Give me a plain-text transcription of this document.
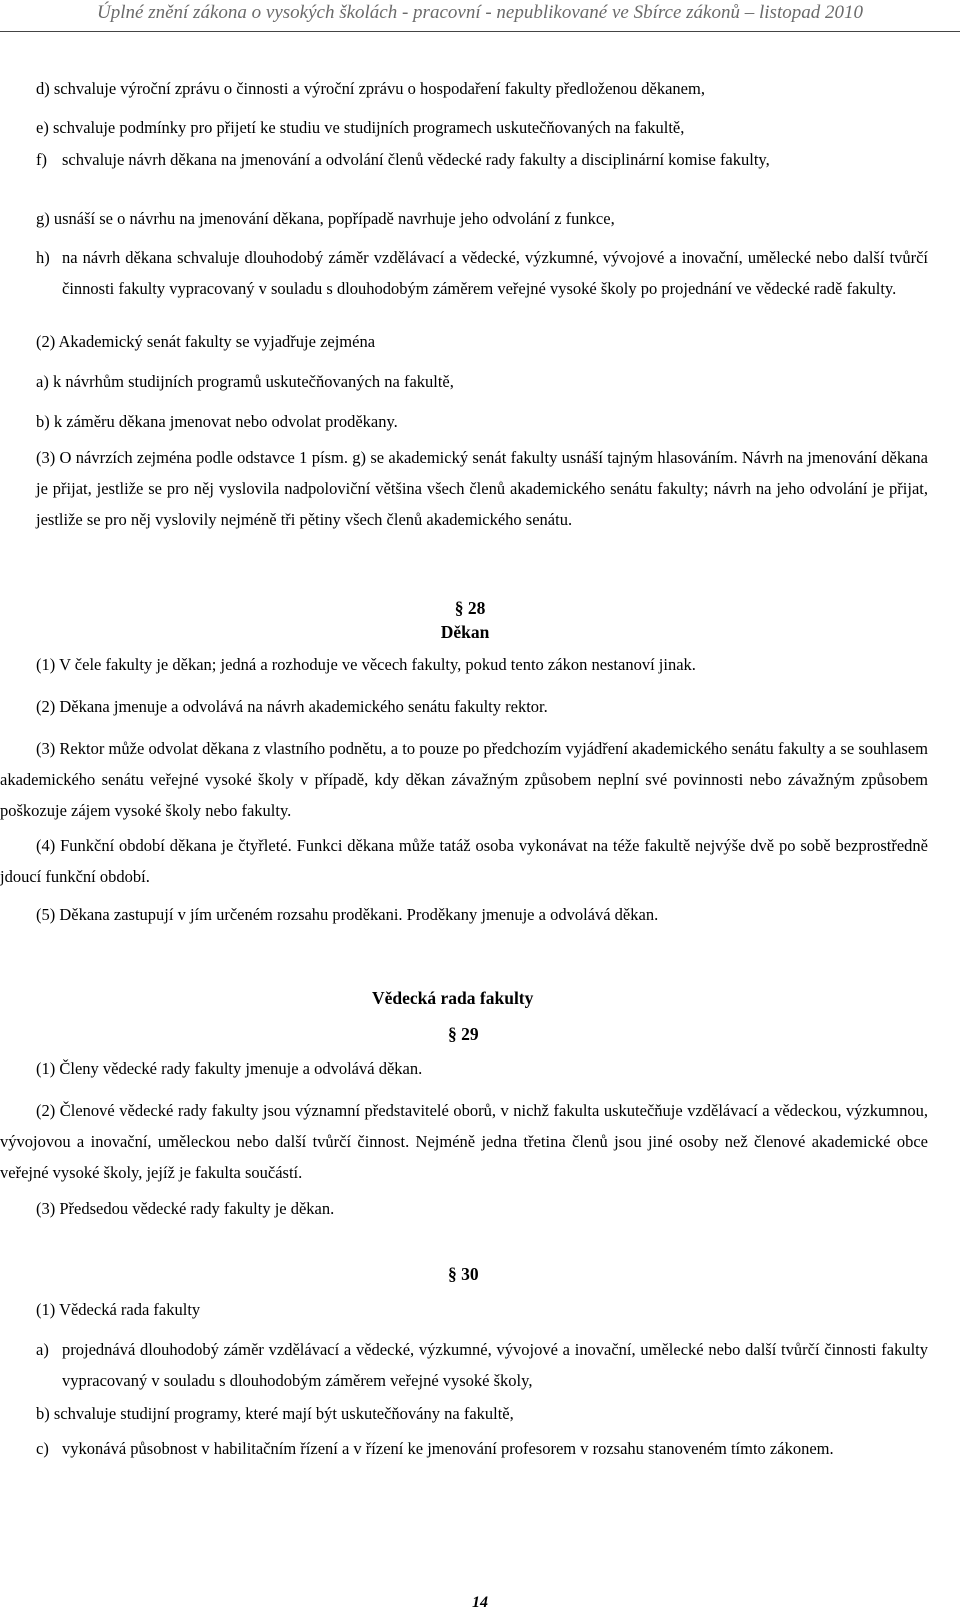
Úplné znění zákona o vysokých školách - pracovní - nepublikované ve Sbírce zákonů – listopad 2010
d) schvaluje výroční zprávu o činnosti a výroční zprávu o hospodaření fakulty předloženou děkanem,
e) schvaluje podmínky pro přijetí ke studiu ve studijních programech uskutečňovaných na fakultě,
f) schvaluje návrh děkana na jmenování a odvolání členů vědecké rady fakulty a disciplinární komise fakulty,
g) usnáší se o návrhu na jmenování děkana, popřípadě navrhuje jeho odvolání z funkce,
h) na návrh děkana schvaluje dlouhodobý záměr vzdělávací a vědecké, výzkumné, vývojové a inovační, umělecké nebo další tvůrčí činnosti fakulty vypracovaný v souladu s dlouhodobým záměrem veřejné vysoké školy po projednání ve vědecké radě fakulty.
(2) Akademický senát fakulty se vyjadřuje zejména
a) k návrhům studijních programů uskutečňovaných na fakultě,
b) k záměru děkana jmenovat nebo odvolat proděkany.
(3) O návrzích zejména podle odstavce 1 písm. g) se akademický senát fakulty usnáší tajným hlasováním. Návrh na jmenování děkana je přijat, jestliže se pro něj vyslovila nadpoloviční většina všech členů akademického senátu fakulty; návrh na jeho odvolání je přijat, jestliže se pro něj vyslovily nejméně tři pětiny všech členů akademického senátu.
§ 28
Děkan
(1) V čele fakulty je děkan; jedná a rozhoduje ve věcech fakulty, pokud tento zákon nestanoví jinak.
(2) Děkana jmenuje a odvolává na návrh akademického senátu fakulty rektor.
(3) Rektor může odvolat děkana z vlastního podnětu, a to pouze po předchozím vyjádření akademického senátu fakulty a se souhlasem akademického senátu veřejné vysoké školy v případě, kdy děkan závažným způsobem neplní své povinnosti nebo závažným způsobem poškozuje zájem vysoké školy nebo fakulty.
(4) Funkční období děkana je čtyřleté. Funkci děkana může tatáž osoba vykonávat na téže fakultě nejvýše dvě po sobě bezprostředně jdoucí funkční období.
(5) Děkana zastupují v jím určeném rozsahu proděkani. Proděkany jmenuje a odvolává děkan.
Vědecká rada fakulty
§ 29
(1) Členy vědecké rady fakulty jmenuje a odvolává děkan.
(2) Členové vědecké rady fakulty jsou významní představitelé oborů, v nichž fakulta uskutečňuje vzdělávací a vědeckou, výzkumnou, vývojovou a inovační, uměleckou nebo další tvůrčí činnost. Nejméně jedna třetina členů jsou jiné osoby než členové akademické obce veřejné vysoké školy, jejíž je fakulta součástí.
(3) Předsedou vědecké rady fakulty je děkan.
§ 30
(1) Vědecká rada fakulty
a) projednává dlouhodobý záměr vzdělávací a vědecké, výzkumné, vývojové a inovační, umělecké nebo další tvůrčí činnosti fakulty vypracovaný v souladu s dlouhodobým záměrem veřejné vysoké školy,
b) schvaluje studijní programy, které mají být uskutečňovány na fakultě,
c) vykonává působnost v habilitačním řízení a v řízení ke jmenování profesorem v rozsahu stanoveném tímto zákonem.
14
